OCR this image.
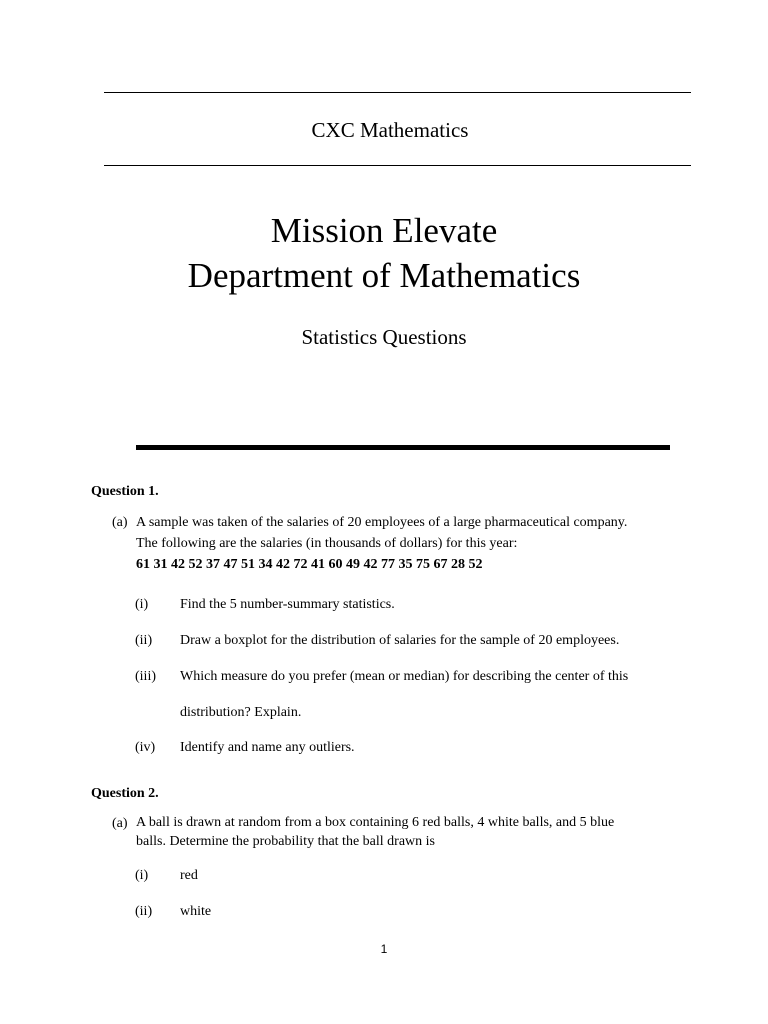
CXC Mathematics
Mission Elevate
Department of Mathematics
Statistics Questions
Question 1.
(a) A sample was taken of the salaries of 20 employees of a large pharmaceutical company.
The following are the salaries (in thousands of dollars) for this year:
61 31 42 52 37 47 51 34 42 72 41 60 49 42 77 35 75 67 28 52
(i) Find the 5 number-summary statistics.
(ii) Draw a boxplot for the distribution of salaries for the sample of 20 employees.
(iii) Which measure do you prefer (mean or median) for describing the center of this
distribution? Explain.
(iv) Identify and name any outliers.
Question 2.
(a) A ball is drawn at random from a box containing 6 red balls, 4 white balls, and 5 blue
balls. Determine the probability that the ball drawn is
(i) red
(ii) white
1
